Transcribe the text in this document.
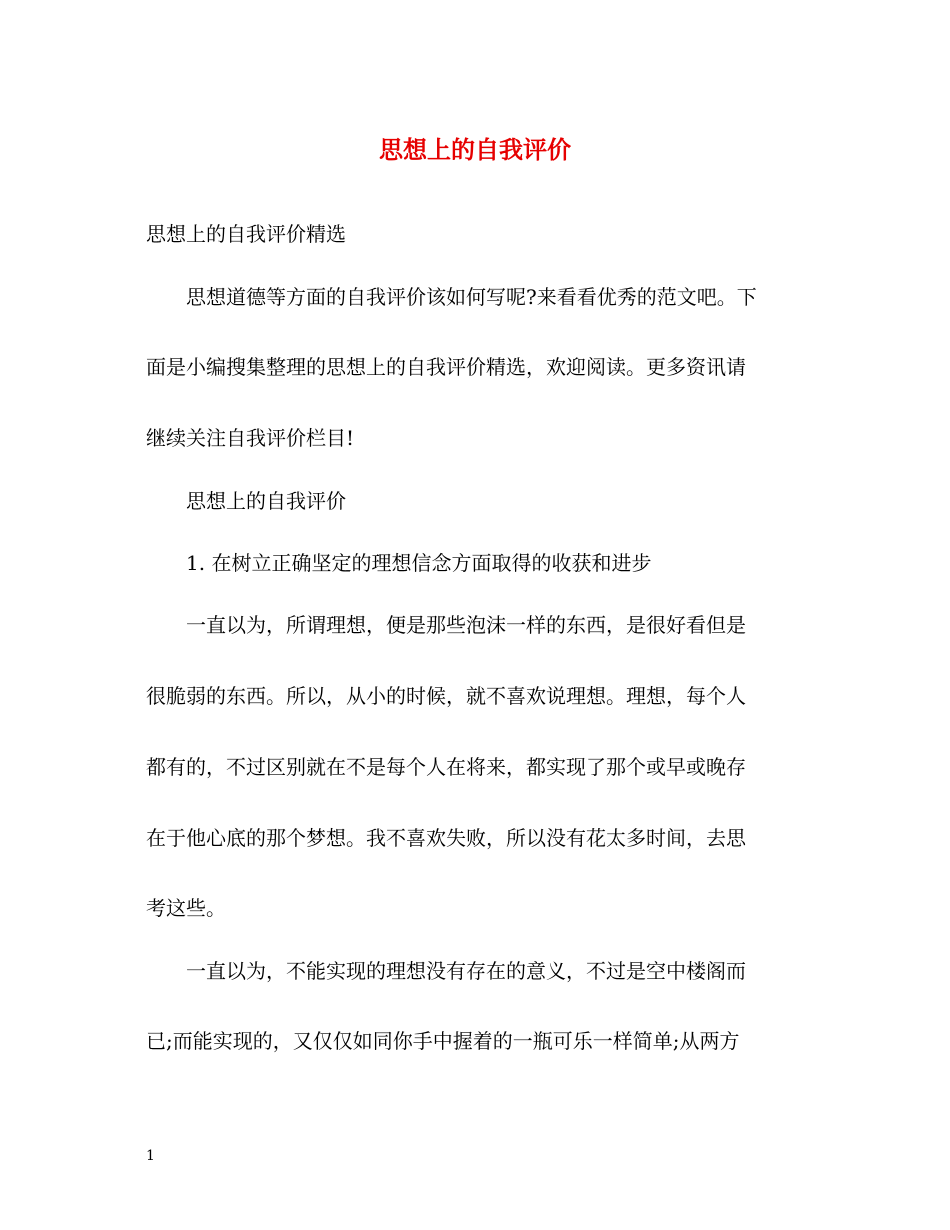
思想上的自我评价
思想上的自我评价精选
思想道德等方面的自我评价该如何写呢?来看看优秀的范文吧。下
面是小编搜集整理的思想上的自我评价精选，欢迎阅读。更多资讯请
继续关注自我评价栏目!
思想上的自我评价
1. 在树立正确坚定的理想信念方面取得的收获和进步
一直以为，所谓理想，便是那些泡沫一样的东西，是很好看但是
很脆弱的东西。所以，从小的时候，就不喜欢说理想。理想，每个人
都有的，不过区别就在不是每个人在将来，都实现了那个或早或晚存
在于他心底的那个梦想。我不喜欢失败，所以没有花太多时间，去思
考这些。
一直以为，不能实现的理想没有存在的意义，不过是空中楼阁而
已;而能实现的，又仅仅如同你手中握着的一瓶可乐一样简单;从两方
1
